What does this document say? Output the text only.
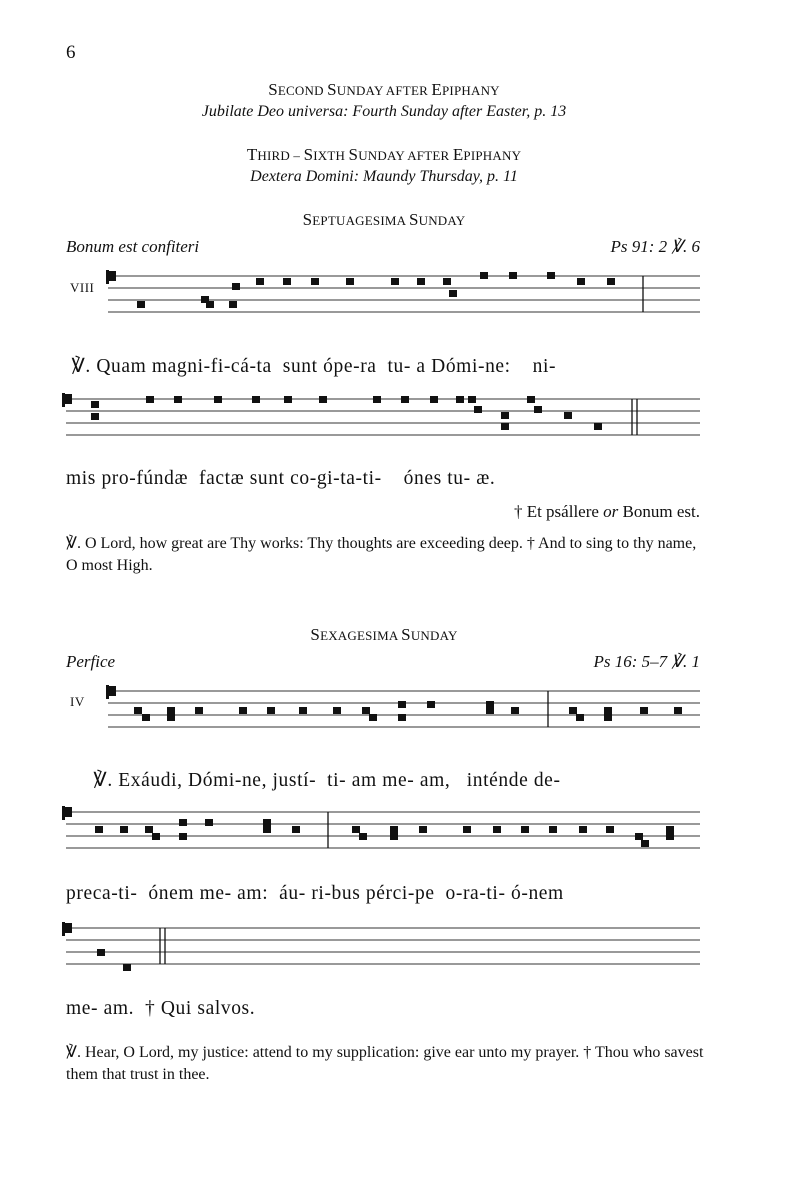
6
SECOND SUNDAY AFTER EPIPHANY
Jubilate Deo universa: Fourth Sunday after Easter, p. 13
THIRD – SIXTH SUNDAY AFTER EPIPHANY
Dextera Domini: Maundy Thursday, p. 11
SEPTUAGESIMA SUNDAY
Bonum est confiteri	Ps 91: 2 ℣. 6
VIII
℣. Quam magni-fi-cá-ta  sunt ópe-ra  tu- a Dómi-ne:    ni-
mis pro-fúndæ  factæ sunt co-gi-ta-ti-    ónes tu- æ.
† Et psállere or Bonum est.
℣. O Lord, how great are Thy works: Thy thoughts are exceeding deep. † And to sing to thy name, O most High.
SEXAGESIMA SUNDAY
Perfice	Ps 16: 5–7 ℣. 1
IV
℣. Exáudi, Dómi-ne, justí-  ti- am me- am,   inténde de-
preca-ti-  ónem me- am:  áu- ri-bus pérci-pe  o-ra-ti- ó-nem
me- am.  † Qui salvos.
℣. Hear, O Lord, my justice: attend to my supplication: give ear unto my prayer. † Thou who savest them that trust in thee.
